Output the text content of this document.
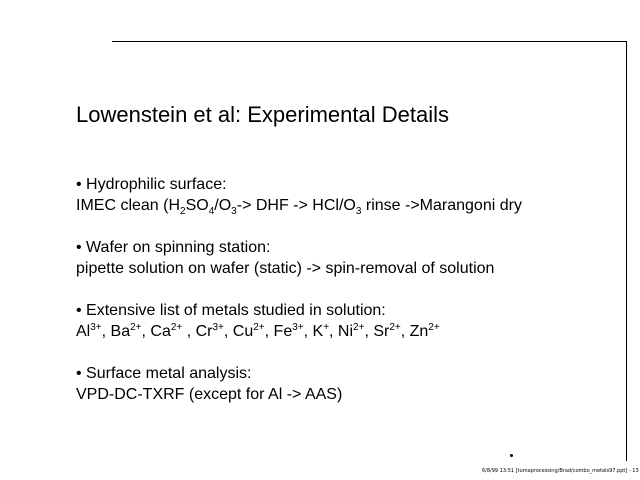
Lowenstein et al: Experimental Details
• Hydrophilic surface:
IMEC clean ($H_2SO_4/O_3->$ DHF -> HCl/$O_3$ rinse ->Marangoni dry
• Wafer on spinning station:
pipette solution on wafer (static) -> spin-removal of solution
• Extensive list of metals studied in solution:
$Al^{3+}$, $Ba^{2+}$, $Ca^{2+}$ , $Cr^{3+}$, $Cu^{2+}$, $Fe^{3+}$, K+, $Ni^{2+}$, $Sr^{2+}$, $Zn^{2+}$
• Surface metal analysis:
VPD-DC-TXRF (except for Al -> AAS)
6/8/99 13:51 [tumaprocessing/Brad/combo_metals97.ppt] - 13
